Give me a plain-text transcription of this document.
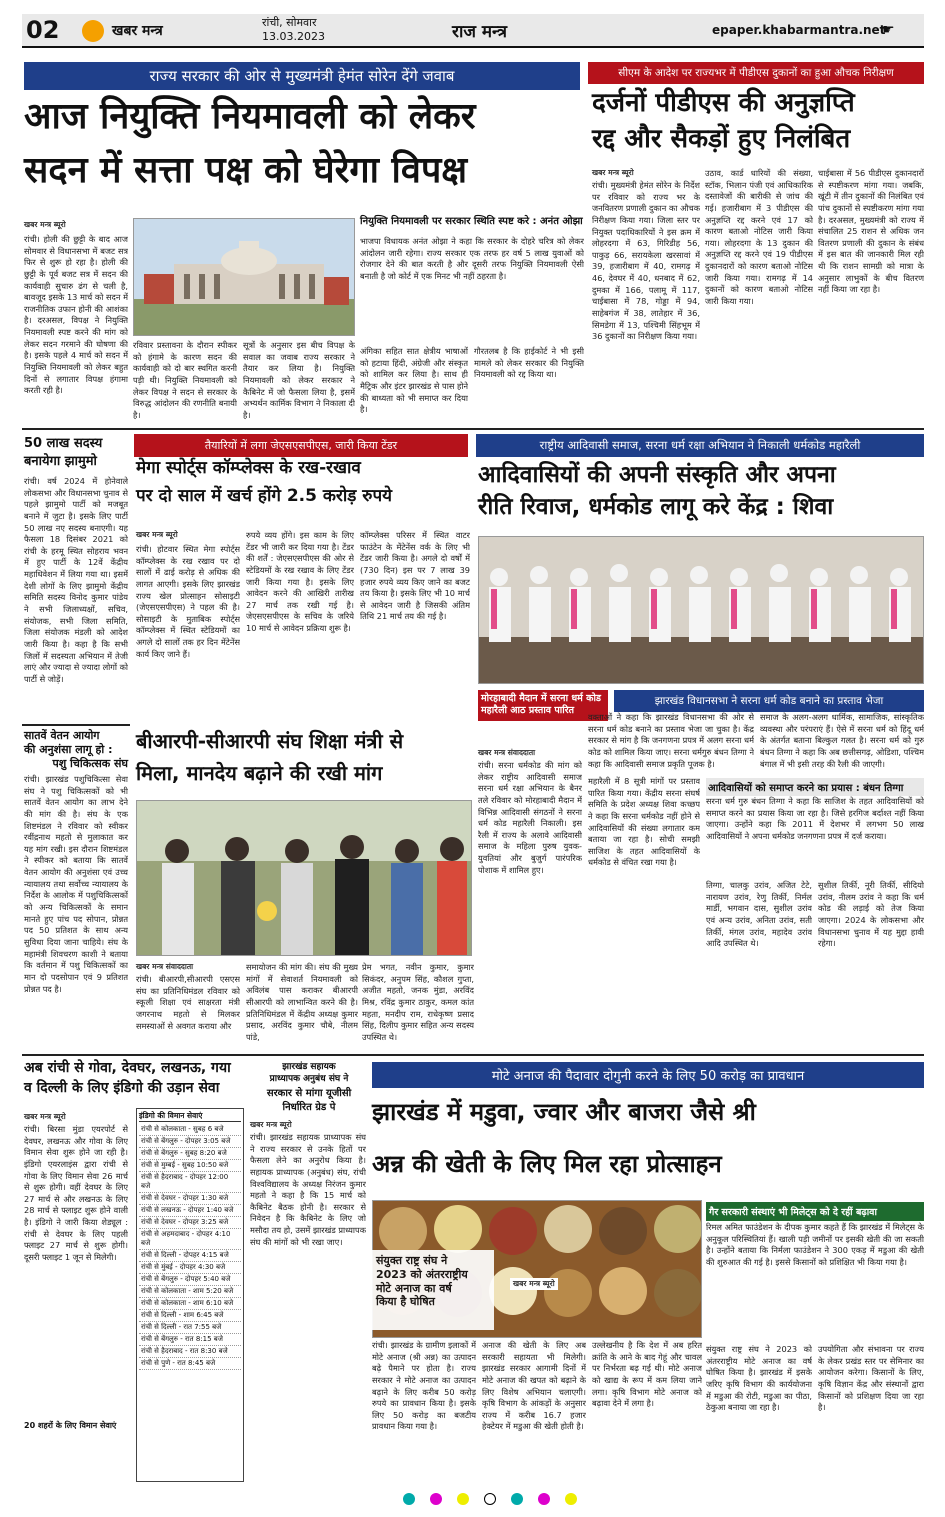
02	खबर मन्त्र
रांची, सोमवार
13.03.2023	राज मन्त्र	epaper.khabarmantra.net
☛
राज्य सरकार की ओर से मुख्यमंत्री हेमंत सोरेन देंगे जवाब
आज नियुक्ति नियमावली को लेकर
सदन में सत्ता पक्ष को घेरेगा विपक्ष
खबर मन्त्र ब्यूरो
रांची। होली की छुट्टी के बाद आज सोमवार से विधानसभा में बजट सत्र फिर से शुरू हो रहा है। होली की छुट्टी के पूर्व बजट सत्र में सदन की कार्यवाही सुचारु ढंग से चली है, बावजूद इसके 13 मार्च को सदन में राजनीतिक उफान होनी की आशंका है। दरअसल, विपक्ष ने नियुक्ति नियमावली स्पष्ट करने की मांग को लेकर सदन गरमाने की घोषणा की है। इसके पहले 4 मार्च को सदन में नियुक्ति नियमावली को लेकर बहुत दिनों से लगातार विपक्ष हंगामा करती रही है।
रविवार प्रस्तावना के दौरान स्पीकर को हंगामे के कारण सदन की कार्यवाही को दो बार स्थगित करनी पड़ी थी। नियुक्ति नियमावली को लेकर विपक्ष ने सदन से सरकार के विरुद्ध आंदोलन की रणनीति बनायी है।
सूत्रों के अनुसार इस बीच विपक्ष के सवाल का जवाब राज्य सरकार ने तैयार कर लिया है। नियुक्ति नियमावली को लेकर सरकार ने कैबिनेट में जो फैसला लिया है, इसमें अभ्यर्थन कार्मिक विभाग ने निकाला दी है।
नियुक्ति नियमावली पर सरकार स्थिति स्पष्ट करे : अनंत ओझा
भाजपा विधायक अनंत ओझा ने कहा कि सरकार के दोहरे चरित्र को लेकर आंदोलन जारी रहेगा। राज्य सरकार एक तरफ हर वर्ष 5 लाख युवाओं को रोजगार देने की बात करती है और दूसरी तरफ नियुक्ति नियमावली ऐसी बनाती है जो कोर्ट में एक मिनट भी नहीं ठहरता है।
अंगिका सहित सात क्षेत्रीय भाषाओं को हटाया हिंदी, अंग्रेजी और संस्कृत को शामिल कर लिया है। साथ ही मैट्रिक और इंटर झारखंड से पास होने की बाध्यता को भी समाप्त कर दिया है।
गौरतलब है कि हाईकोर्ट ने भी इसी मामले को लेकर सरकार की नियुक्ति नियमावली को रद्द किया था।
सीएम के आदेश पर राज्यभर में पीडीएस दुकानों का हुआ औचक निरीक्षण
दर्जनों पीडीएस की अनुज्ञप्ति
रद्द और सैकड़ों हुए निलंबित
खबर मन्त्र ब्यूरो
रांची। मुख्यमंत्री हेमंत सोरेन के निर्देश पर रविवार को राज्य भर के जनवितरण प्रणाली दुकान का औचक निरीक्षण किया गया। जिला स्तर पर नियुक्त पदाधिकारियों ने इस क्रम में लोहरदगा में 63, गिरिडीह 56, पाकुड़ 66, सरायकेला खरसावां में 39, हजारीबाग में 40, रामगढ़ में 46, देवघर में 40, धनबाद में 62, दुमका में 166, पलामू में 117, चाईबासा में 78, गोड्डा में 94, साहेबगंज में 38, लातेहार में 36, सिमडेगा में 13, पश्चिमी सिंहभूम में 36 दुकानों का निरीक्षण किया गया।
उठाव, कार्ड धारियों की संख्या, स्टॉक, भिलान पंजी एवं आधिकारिक दस्तावेजों की बारीकी से जांच की गई। हजारीबाग में 3 पीडीएस की अनुज्ञप्ति रद्द करने एवं 17 को कारण बताओ नोटिस जारी किया गया। लोहरदगा के 13 दुकान की अनुज्ञप्ति रद्द करने एवं 19 पीडीएस दुकानदारों को कारण बताओ नोटिस जारी किया गया। रामगढ़ में 14 दुकानों को कारण बताओ नोटिस जारी किया गया।
चाईबासा में 56 पीडीएस दुकानदारों से स्पष्टीकरण मांगा गया। जबकि, खूंटी में तीन दुकानों की निलंबित एवं पांच दुकानों से स्पष्टीकरण मांगा गया है। दरअसल, मुख्यमंत्री को राज्य में संचालित 25 राशन से अधिक जन वितरण प्रणाली की दुकान के संबंध में इस बात की जानकारी मिल रही थी कि राशन सामग्री को मात्रा के अनुसार लाभुकों के बीच वितरण नहीं किया जा रहा है।
50 लाख सदस्य
बनायेगा झामुमो
रांची। वर्ष 2024 में होनेवाले लोकसभा और विधानसभा चुनाव से पहले झामुमो पार्टी को मजबूत बनाने में जुटा है। इसके लिए पार्टी 50 लाख नए सदस्य बनाएगी। यह फैसला 18 दिसंबर 2021 को रांची के हरमू स्थित सोहराय भवन में हुए पार्टी के 12वें केंद्रीय महाधिवेशन में लिया गया था। इसमें देशी लोगों के लिए झामुमो केंद्रीय समिति सदस्य विनोद कुमार पांडेय ने सभी जिलाध्यक्षों, सचिव, संयोजक, सभी जिला समिति, जिला संयोजक मंडली को आदेश जारी किया है। कहा है कि सभी जिलों में सदस्यता अभियान में तेजी लाएं और ज्यादा से ज्यादा लोगों को पार्टी से जोड़ें।
तैयारियों में लगा जेएसएसपीएस, जारी किया टेंडर
मेगा स्पोर्ट्स कॉम्प्लेक्स के रख-रखाव
पर दो साल में खर्च होंगे 2.5 करोड़ रुपये
खबर मन्त्र ब्यूरो
रांची। होटवार स्थित मेगा स्पोर्ट्स कॉम्प्लेक्स के रख रखाव पर दो सालों में ढाई करोड़ से अधिक की लागत आएगी। इसके लिए झारखंड राज्य खेल प्रोत्साहन सोसाइटी (जेएसएसपीएस) ने पहल की है। सोसाइटी के मुताबिक स्पोर्ट्स कॉम्प्लेक्स में स्थित स्टेडियमों का अगले दो सालों तक हर दिन मेंटेनेंस कार्य किए जाने हैं।
रुपये व्यय होंगे। इस काम के लिए टेंडर भी जारी कर दिया गया है। टेंडर की शर्तें : जेएसएसपीएस की ओर से स्टेडियमों के रख रखाव के लिए टेंडर जारी किया गया है। इसके लिए आवेदन करने की आखिरी तारीख 27 मार्च तक रखी गई है। जेएसएसपीएस के सचिव के जरिये 10 मार्च से आवेदन प्रक्रिया शुरू है।
कॉम्प्लेक्स परिसर में स्थित वाटर फाउंटेन के मेंटेनेंस वर्क के लिए भी टेंडर जारी किया है। अगले दो वर्षों में (730 दिन) इस पर 7 लाख 39 हजार रुपये व्यय किए जाने का बजट तय किया है। इसके लिए भी 10 मार्च से आवेदन जारी है जिसकी अंतिम तिथि 21 मार्च तय की गई है।
राष्ट्रीय आदिवासी समाज, सरना धर्म रक्षा अभियान ने निकाली धर्मकोड महारैली
आदिवासियों की अपनी संस्कृति और अपना
रीति रिवाज, धर्मकोड लागू करे केंद्र : शिवा
मोरहाबादी मैदान में सरना धर्म कोड महारैली आठ प्रस्ताव पारित
खबर मन्त्र संवाददाता
रांची। सरना धर्मकोड की मांग को लेकर राष्ट्रीय आदिवासी समाज सरना धर्म रक्षा अभियान के बैनर तले रविवार को मोरहाबादी मैदान में विभिन्न आदिवासी संगठनों ने सरना धर्म कोड महारैली निकाली। इस रैली में राज्य के अलावे आदिवासी समाज के महिला पुरुष युवक-युवतियां और बुजुर्ग पारंपरिक पोशाक में शामिल हुए।
महारैली में 8 सूत्री मांगों पर प्रस्ताव पारित किया गया। केंद्रीय सरना संघर्ष समिति के प्रदेश अध्यक्ष शिवा कच्छप ने कहा कि सरना धर्मकोड नहीं होने से आदिवासियों की संख्या लगातार कम बताया जा रहा है। सोची समझी साजिश के तहत आदिवासियों के धर्मकोड से वंचित रखा गया है।
झारखंड विधानसभा ने सरना धर्म कोड बनाने का प्रस्ताव भेजा
वक्ताओं ने कहा कि झारखंड विधानसभा की ओर से सरना धर्म कोड बनाने का प्रस्ताव भेजा जा चुका है। केंद्र सरकार से मांग है कि जनगणना प्रपत्र में अलग सरना धर्म कोड को शामिल किया जाए। सरना धर्मगुरु बंधन तिग्गा ने कहा कि आदिवासी समाज प्रकृति पूजक है।
समाज के अलग-अलग धार्मिक, सामाजिक, सांस्कृतिक व्यवस्था और परंपराएं हैं। ऐसे में सरना धर्म को हिंदू धर्म के अंतर्गत बताना बिल्कुल गलत है। सरना धर्म को गुरु बंधन तिग्गा ने कहा कि अब छत्तीसगढ़, ओडिशा, पश्चिम बंगाल में भी इसी तरह की रैली की जाएगी।
आदिवासियों को समाप्त करने का प्रयास : बंधन तिग्गा
सरना धर्म गुरु बंधन तिग्गा ने कहा कि साजिश के तहत आदिवासियों को समाप्त करने का प्रयास किया जा रहा है। जिसे हरगिज बर्दाश्त नहीं किया जाएगा। उन्होंने कहा कि 2011 में देशभर में लगभग 50 लाख आदिवासियों ने अपना धर्मकोड जनगणना प्रपत्र में दर्ज कराया।
तिग्गा, चालकु उरांव, अजित टेटे, नारायण उरांव, रेणु तिर्की, निर्मल मार्डी, भगवान दास, सुशील उरांव एवं अन्य उरांव, अनिता उरांव, सती तिर्की, मंगल उरांव, महादेव उरांव आदि उपस्थित थे।
सुशील तिर्की, नूरी तिर्की, सीदियो उरांव, नीलम उरांव ने कहा कि धर्म कोड की लड़ाई को तेज किया जाएगा। 2024 के लोकसभा और विधानसभा चुनाव में यह मुद्दा हावी रहेगा।
सातवें वेतन आयोग
की अनुशंसा लागू हो :
पशु चिकित्सक संघ
रांची। झारखंड पशुचिकित्सा सेवा संघ ने पशु चिकित्सकों को भी सातवें वेतन आयोग का लाभ देने की मांग की है। संघ के एक शिष्टमंडल ने रविवार को स्वीकर रवींद्रनाथ महतो से मुलाकात कर यह मांग रखी। इस दौरान शिष्टमंडल ने स्पीकर को बताया कि सातवें वेतन आयोग की अनुशंसा एवं उच्च न्यायालय तथा सर्वोच्च न्यायालय के निर्देश के आलोक में पशुचिकित्सकों को अन्य चिकित्सकों के समान मानते हुए पांच पद सोपान, प्रोन्नत पद 50 प्रतिशत के साथ अन्य सुविधा दिया जाना चाहिये। संघ के महामंत्री शिवचरण काशी ने बताया कि वर्तमान में पशु चिकित्सकों का मान दो पदसोपान एवं 9 प्रतिशत प्रोन्नत पद है।
बीआरपी-सीआरपी संघ शिक्षा मंत्री से
मिला, मानदेय बढ़ाने की रखी मांग
खबर मन्त्र संवाददाता
रांची। बीआरपी,सीआरपी एसएस संघ का प्रतिनिधिमंडल रविवार को स्कूली शिक्षा एवं साक्षरता मंत्री जगरनाथ महतो से मिलकर समस्याओं से अवगत कराया और
समायोजन की मांग की। संघ की मुख्य मांगों में सेवाशर्त नियमावली को अविलंब पास कराकर बीआरपी सीआरपी को लाभान्वित करने की है। प्रतिनिधिमंडल में केंद्रीय अध्यक्ष कुमार प्रसाद, अरविंद कुमार चौबे, नीलम पांडे,
प्रेम भगत, नवीन कुमार, कुमार सिकंदर, अनुपम सिंह, कौशल गुप्ता, अजीत महतो, जनक मुंडा, अरविंद मिश्र, रविंद्र कुमार ठाकुर, कमल कांत महता, मनदीप राम, राधेकृष्ण प्रसाद सिंह, दिलीप कुमार सहित अन्य सदस्य उपस्थित थे।
अब रांची से गोवा, देवघर, लखनऊ, गया
व दिल्ली के लिए इंडिगो की उड़ान सेवा
खबर मन्त्र ब्यूरो
रांची। बिरसा मुंडा एयरपोर्ट से देवघर, लखनऊ और गोवा के लिए विमान सेवा शुरू होने जा रही है। इंडिगो एयरलाइंस द्वारा रांची से गोवा के लिए विमान सेवा 26 मार्च से शुरू होगी। वहीं देवघर के लिए 27 मार्च से और लखनऊ के लिए 28 मार्च से फ्लाइट शुरू होने वाली है। इंडिगो ने जारी किया शेड्यूल : रांची से देवघर के लिए पहली फ्लाइट 27 मार्च से शुरू होगी। दूसरी फ्लाइट 1 जून से मिलेगी।
20 शहरों के लिए विमान सेवाएं
इंडिगो की विमान सेवाएं
रांची से कोलकाता - सुबह 6 बजे
रांची से बेंगलुरु - दोपहर 3:05 बजे
रांची से बेंगलुरु - सुबह 8:20 बजे
रांची से मुम्बई - सुबह 10:50 बजे
रांची से हैदराबाद - दोपहर 12:00 बजे
रांची से देवघर - दोपहर 1:30 बजे
रांची से लखनऊ - दोपहर 1:40 बजे
रांची से देवघर - दोपहर 3:25 बजे
रांची से अहमदाबाद - दोपहर 4:10 बजे
रांची से दिल्ली - दोपहर 4:15 बजे
रांची से मुंबई - दोपहर 4:30 बजे
रांची से बेंगलुरु - दोपहर 5:40 बजे
रांची से कोलकाता - शाम 5:20 बजे
रांची से कोलकाता - शाम 6:10 बजे
रांची से दिल्ली - शाम 6:45 बजे
रांची से दिल्ली - रात 7:55 बजे
रांची से बेंगलुरु - रात 8:15 बजे
रांची से हैदराबाद - रात 8:30 बजे
रांची से पुणे - रात 8:45 बजे
झारखंड सहायक
प्राध्यापक अनुबंध संघ ने
सरकार से मांगा यूजीसी
निर्धारित ग्रेड पे
खबर मन्त्र ब्यूरो
रांची। झारखंड सहायक प्राध्यापक संघ ने राज्य सरकार से उनके हितों पर फैसला लेने का अनुरोध किया है। सहायक प्राध्यापक (अनुबंध) संघ, रांची विश्वविद्यालय के अध्यक्ष निरंजन कुमार महतो ने कहा है कि 15 मार्च को कैबिनेट बैठक होनी है। सरकार से निवेदन है कि कैबिनेट के लिए जो मसौदा तय हो, उसमें झारखंड प्राध्यापक संघ की मांगों को भी रखा जाए।
मोटे अनाज की पैदावार दोगुनी करने के लिए 50 करोड़ का प्रावधान
झारखंड में मडुवा, ज्वार और बाजरा जैसे श्री
अन्न की खेती के लिए मिल रहा प्रोत्साहन
संयुक्त राष्ट्र संघ ने
2023 को अंतरराष्ट्रीय
मोटे अनाज का वर्ष
किया है घोषित
खबर मन्त्र ब्यूरो
रांची। झारखंड के ग्रामीण इलाकों में मोटे अनाज (श्री अन्न) का उत्पादन बढ़े पैमाने पर होता है। राज्य सरकार ने मोटे अनाज का उत्पादन बढ़ाने के लिए करीब 50 करोड़ रुपये का प्रावधान किया है। इसके लिए 50 करोड़ का बजटीय प्रावधान किया गया है।
अनाज की खेती के लिए अब सरकारी सहायता भी मिलेगी। झारखंड सरकार आगामी दिनों में मोटे अनाज की खपत को बढ़ाने के लिए विशेष अभियान चलाएगी। कृषि विभाग के आंकड़ों के अनुसार राज्य में करीब 16.7 हजार हेक्टेयर में मडुआ की खेती होती है।
उल्लेखनीय है कि देश में अब हरित क्रांति के आने के बाद गेहूं और चावल पर निर्भरता बढ़ गई थी। मोटे अनाज को खाद्य के रूप में कम लिया जाने लगा। कृषि विभाग मोटे अनाज को बढ़ावा देने में लगा है।
गैर सरकारी संस्थाएं भी मिलेट्स को दे रहीं बढ़ावा
रिमल अमित फाउंडेशन के दीपक कुमार कहते हैं कि झारखंड में मिलेट्स के अनुकूल परिस्थितियां हैं। खाली पड़ी जमीनों पर इसकी खेती की जा सकती है। उन्होंने बताया कि निर्मला फाउंडेशन ने 300 एकड़ में मडुआ की खेती की शुरुआत की गई है। इससे किसानों को प्रशिक्षित भी किया गया है।
संयुक्त राष्ट्र संघ ने 2023 को अंतरराष्ट्रीय मोटे अनाज का वर्ष घोषित किया है। झारखंड में इसके जरिए कृषि विभाग की कार्ययोजना में मडुआ की रोटी, मडुआ का पीठा, ठेकुआ बनाया जा रहा है।
उपयोगिता और संभावना पर राज्य के लेकर प्रखंड स्तर पर सेमिनार का आयोजन करेगा। किसानों के लिए, कृषि विज्ञान केंद्र और संस्थानों द्वारा किसानों को प्रशिक्षण दिया जा रहा है।
